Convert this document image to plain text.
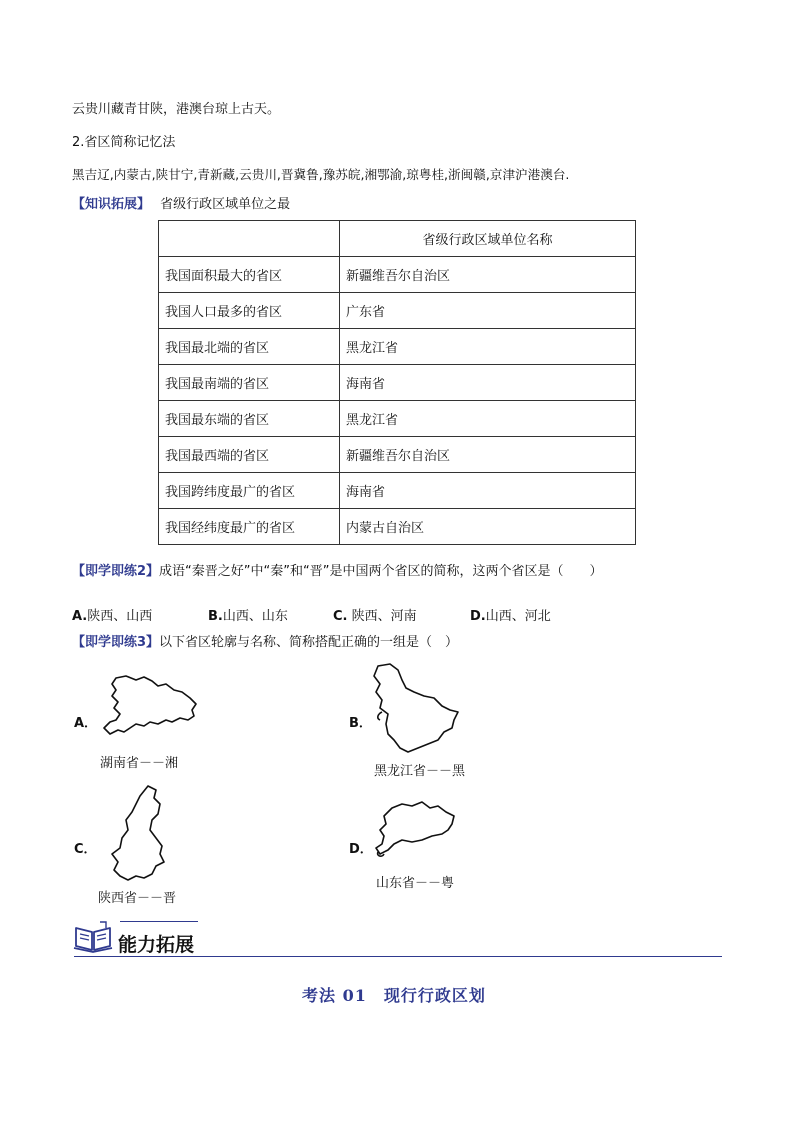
云贵川藏青甘陕，港澳台琼上古天。
2.省区简称记忆法
黑吉辽,内蒙古,陕甘宁,青新藏,云贵川,晋冀鲁,豫苏皖,湘鄂渝,琼粤桂,浙闽赣,京津沪港澳台.
【知识拓展】 省级行政区域单位之最
	省级行政区域单位名称
我国面积最大的省区	新疆维吾尔自治区
我国人口最多的省区	广东省
我国最北端的省区	黑龙江省
我国最南端的省区	海南省
我国最东端的省区	黑龙江省
我国最西端的省区	新疆维吾尔自治区
我国跨纬度最广的省区	海南省
我国经纬度最广的省区	内蒙古自治区
【即学即练2】成语“秦晋之好”中“秦”和“晋”是中国两个省区的简称，这两个省区是（　　）
A.陕西、山西	B.山西、山东	C. 陕西、河南	D.山西、河北
【即学即练3】以下省区轮廓与名称、简称搭配正确的一组是（　）
A．
湖南省－－湘
B．
黑龙江省－－黑
C．
陕西省－－晋
D．
山东省－－粤
能力拓展
考法 01　现行行政区划
